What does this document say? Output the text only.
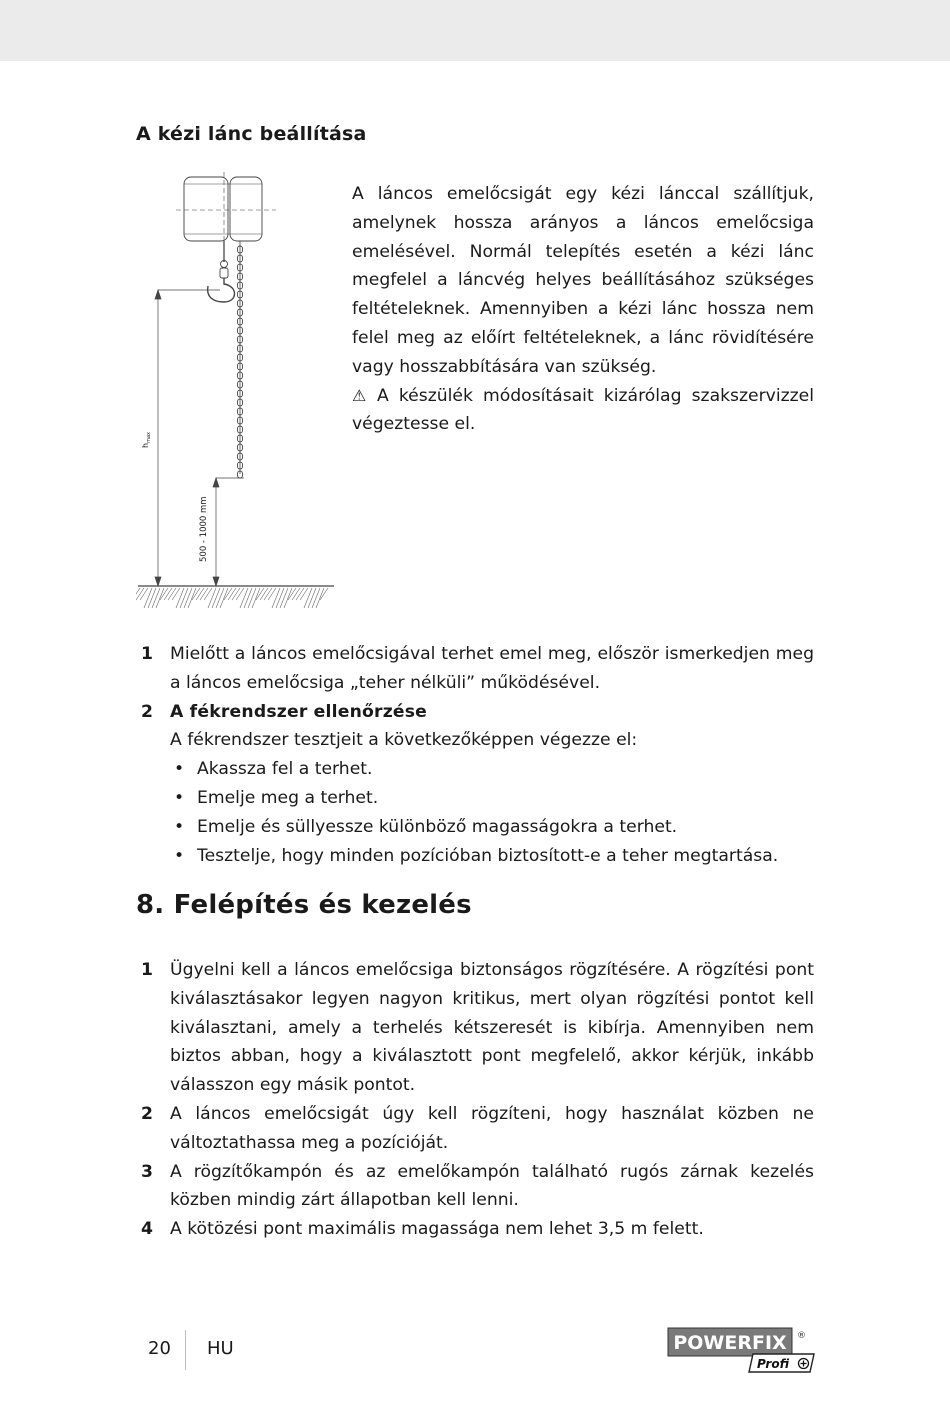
A kézi lánc beállítása
$h_{max}$
500 - 1000 mm

A láncos emelőcsigát egy kézi lánccal szállítjuk, amelynek hossza arányos a láncos emelőcsiga emelésével. Normál telepítés esetén a kézi lánc megfelel a láncvég helyes beállításához szükséges feltételeknek. Amennyiben a kézi lánc hossza nem felel meg az előírt feltételeknek, a lánc rövidítésére vagy hosszabbítására van szükség.

⚠ A készülék módosításait kizárólag szakszervizzel végeztesse el.

1 Mielőtt a láncos emelőcsigával terhet emel meg, először ismerkedjen meg a láncos emelőcsiga „teher nélküli” működésével.
2 A fékrendszer ellenőrzése
A fékrendszer tesztjeit a következőképpen végezze el:
• Akassza fel a terhet.
• Emelje meg a terhet.
• Emelje és süllyessze különböző magasságokra a terhet.
• Tesztelje, hogy minden pozícióban biztosított-e a teher megtartása.
8. Felépítés és kezelés
1 Ügyelni kell a láncos emelőcsiga biztonságos rögzítésére. A rögzítési pont kiválasztásakor legyen nagyon kritikus, mert olyan rögzítési pontot kell kiválasztani, amely a terhelés kétszeresét is kibírja. Amennyiben nem biztos abban, hogy a kiválasztott pont megfelelő, akkor kérjük, inkább válasszon egy másik pontot.
2 A láncos emelőcsigát úgy kell rögzíteni, hogy használat közben ne változtathassa meg a pozícióját.
3 A rögzítőkampón és az emelőkampón található rugós zárnak kezelés közben mindig zárt állapotban kell lenni.
4 A kötözési pont maximális magassága nem lehet 3,5 m felett.
20 HU	POWERFIX ®
Profi
